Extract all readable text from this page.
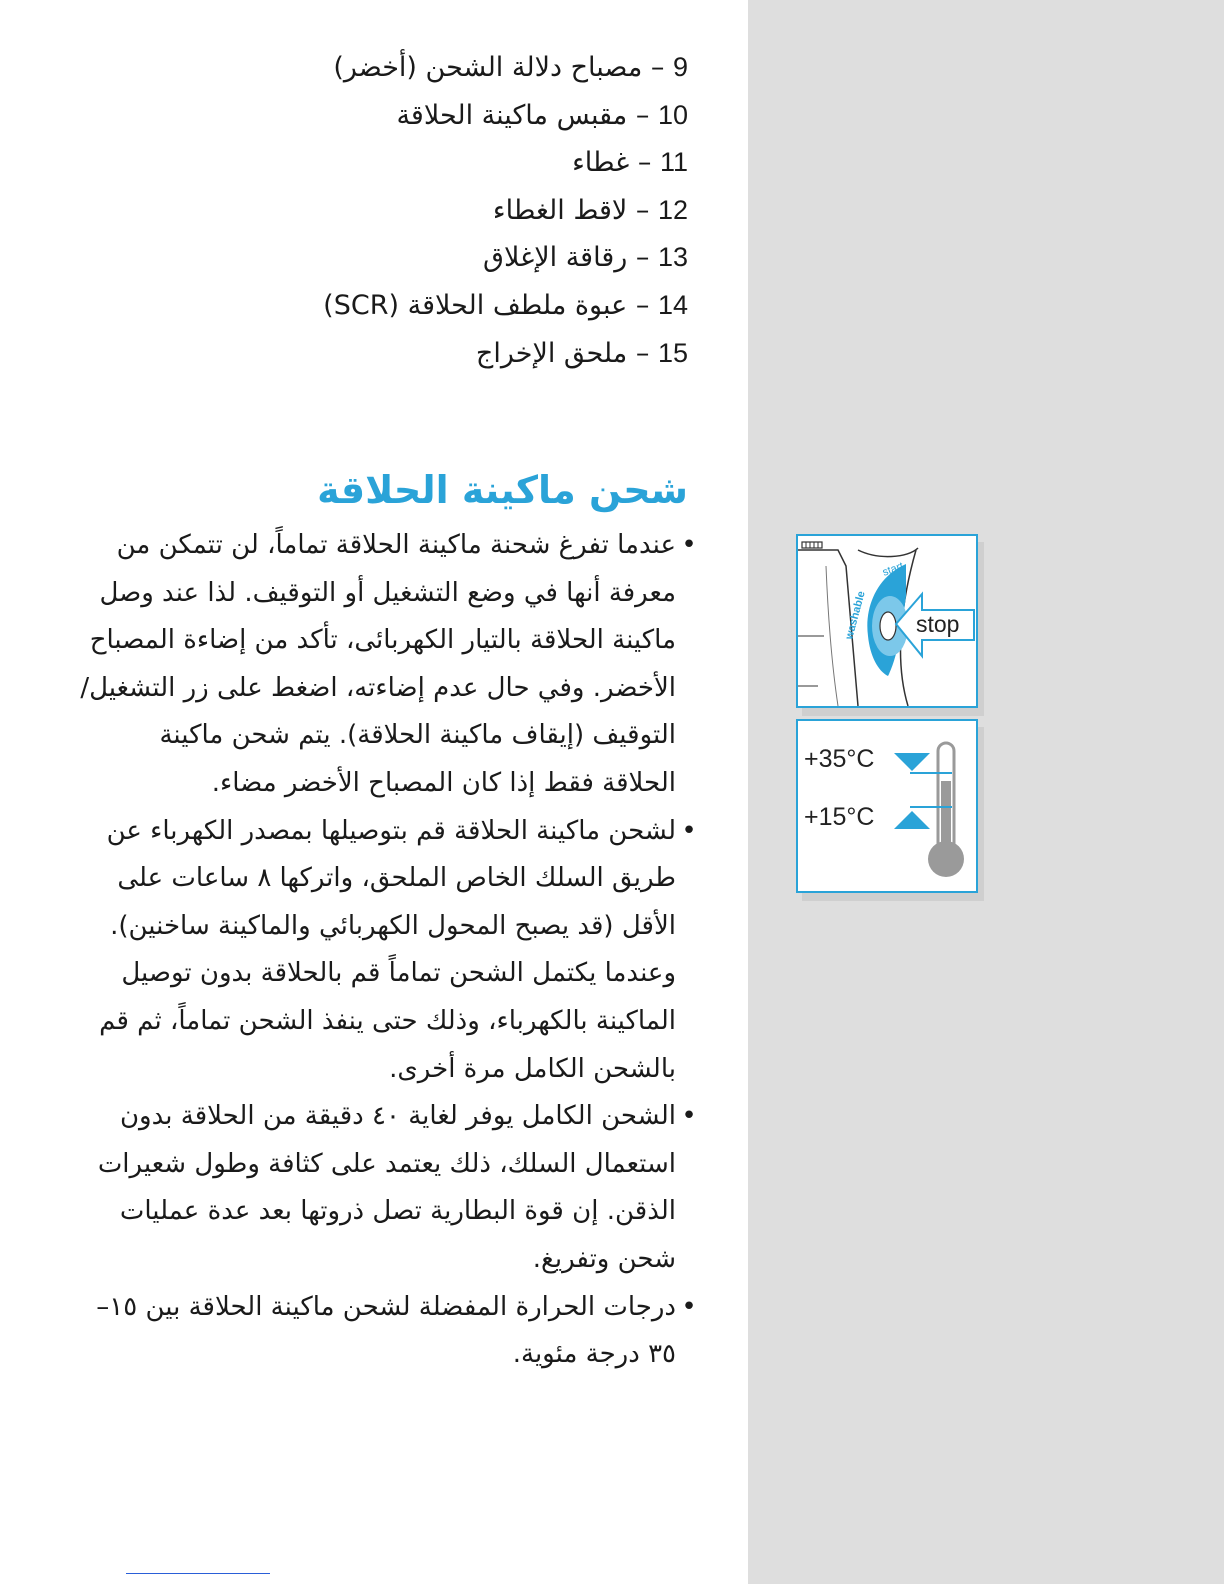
9 – مصباح دلالة الشحن (أخضر)
10 – مقبس ماكينة الحلاقة
11 – غطاء
12 – لاقط الغطاء
13 – رقاقة الإغلاق
14 – عبوة ملطف الحلاقة (SCR)
15 – ملحق الإخراج
شحن ماكينة الحلاقة
•
عندما تفرغ شحنة ماكينة الحلاقة تماماً، لن تتمكن من معرفة أنها في وضع التشغيل أو التوقيف. لذا عند وصل ماكينة الحلاقة بالتيار الكهربائى، تأكد من إضاءة المصباح الأخضر. وفي حال عدم إضاءته، اضغط على زر التشغيل/ التوقيف (إيقاف ماكينة الحلاقة). يتم شحن ماكينة الحلاقة فقط إذا كان المصباح الأخضر مضاء.
•
لشحن ماكينة الحلاقة قم بتوصيلها بمصدر الكهرباء عن طريق السلك الخاص الملحق، واتركها ٨ ساعات على الأقل (قد يصبح المحول الكهربائي والماكينة ساخنين). وعندما يكتمل الشحن تماماً قم بالحلاقة بدون توصيل الماكينة بالكهرباء، وذلك حتى ينفذ الشحن تماماً، ثم قم بالشحن الكامل مرة أخرى.
•
الشحن الكامل يوفر لغاية ٤٠ دقيقة من الحلاقة بدون استعمال السلك، ذلك يعتمد على كثافة وطول شعيرات الذقن. إن قوة البطارية تصل ذروتها بعد عدة عمليات شحن وتفريغ.
•
درجات الحرارة المفضلة لشحن ماكينة الحلاقة بين ١٥–٣٥ درجة مئوية.
start
washable stop
+35°C
+15°C
